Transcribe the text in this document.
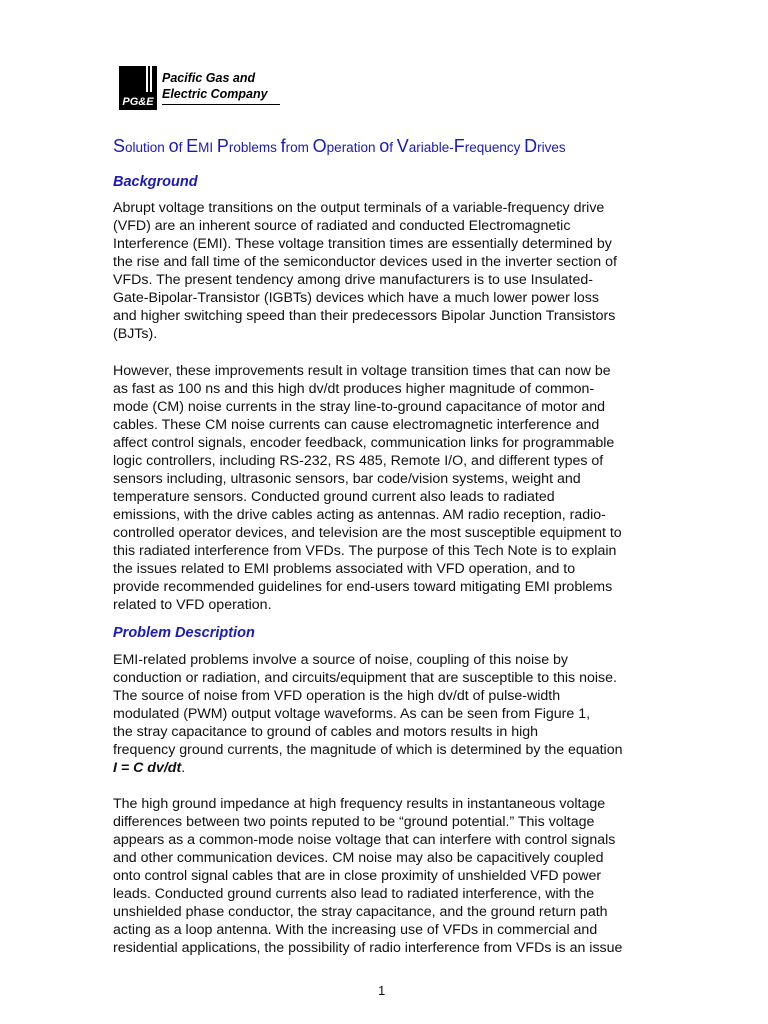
PG&E
Pacific Gas and
Electric Company
Solution of EMI Problems from Operation of Variable-Frequency Drives
Background
Abrupt voltage transitions on the output terminals of a variable-frequency drive
(VFD) are an inherent source of radiated and conducted Electromagnetic
Interference (EMI). These voltage transition times are essentially determined by
the rise and fall time of the semiconductor devices used in the inverter section of
VFDs. The present tendency among drive manufacturers is to use Insulated-
Gate-Bipolar-Transistor (IGBTs) devices which have a much lower power loss
and higher switching speed than their predecessors Bipolar Junction Transistors
(BJTs).
However, these improvements result in voltage transition times that can now be
as fast as 100 ns and this high dv/dt produces higher magnitude of common-
mode (CM) noise currents in the stray line-to-ground capacitance of motor and
cables. These CM noise currents can cause electromagnetic interference and
affect control signals, encoder feedback, communication links for programmable
logic controllers, including RS-232, RS 485, Remote I/O, and different types of
sensors including, ultrasonic sensors, bar code/vision systems, weight and
temperature sensors. Conducted ground current also leads to radiated
emissions, with the drive cables acting as antennas. AM radio reception, radio-
controlled operator devices, and television are the most susceptible equipment to
this radiated interference from VFDs. The purpose of this Tech Note is to explain
the issues related to EMI problems associated with VFD operation, and to
provide recommended guidelines for end-users toward mitigating EMI problems
related to VFD operation.
Problem Description
EMI-related problems involve a source of noise, coupling of this noise by
conduction or radiation, and circuits/equipment that are susceptible to this noise.
The source of noise from VFD operation is the high dv/dt of pulse-width
modulated (PWM) output voltage waveforms. As can be seen from Figure 1,
the stray capacitance to ground of cables and motors results in high
frequency ground currents, the magnitude of which is determined by the equation
I = C dv/dt.
The high ground impedance at high frequency results in instantaneous voltage
differences between two points reputed to be “ground potential.” This voltage
appears as a common-mode noise voltage that can interfere with control signals
and other communication devices. CM noise may also be capacitively coupled
onto control signal cables that are in close proximity of unshielded VFD power
leads. Conducted ground currents also lead to radiated interference, with the
unshielded phase conductor, the stray capacitance, and the ground return path
acting as a loop antenna. With the increasing use of VFDs in commercial and
residential applications, the possibility of radio interference from VFDs is an issue
1
